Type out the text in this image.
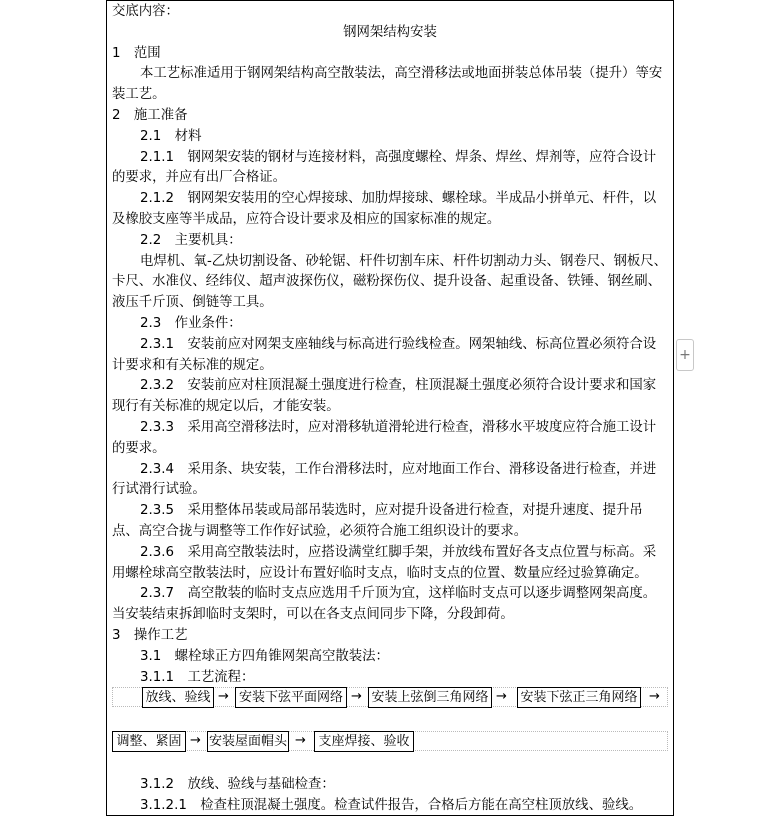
交底内容：
钢网架结构安装
1　范围
本工艺标准适用于钢网架结构高空散装法，高空滑移法或地面拼装总体吊装（提升）等安装工艺。
2　施工准备
2.1　材料
2.1.1　钢网架安装的钢材与连接材料，高强度螺栓、焊条、焊丝、焊剂等，应符合设计的要求，并应有出厂合格证。
2.1.2　钢网架安装用的空心焊接球、加肋焊接球、螺栓球。半成品小拼单元、杆件，以及橡胶支座等半成品，应符合设计要求及相应的国家标准的规定。
2.2　主要机具：
电焊机、氧-乙炔切割设备、砂轮锯、杆件切割车床、杆件切割动力头、钢卷尺、钢板尺、卡尺、水准仪、经纬仪、超声波探伤仪，磁粉探伤仪、提升设备、起重设备、铁锤、钢丝刷、液压千斤顶、倒链等工具。
2.3　作业条件：
2.3.1　安装前应对网架支座轴线与标高进行验线检查。网架轴线、标高位置必须符合设计要求和有关标准的规定。
2.3.2　安装前应对柱顶混凝土强度进行检查，柱顶混凝土强度必须符合设计要求和国家现行有关标准的规定以后，才能安装。
2.3.3　采用高空滑移法时，应对滑移轨道滑轮进行检查，滑移水平坡度应符合施工设计的要求。
2.3.4　采用条、块安装，工作台滑移法时，应对地面工作台、滑移设备进行检查，并进行试滑行试验。
2.3.5　采用整体吊装或局部吊装选时，应对提升设备进行检查，对提升速度、提升吊点、高空合拢与调整等工作作好试验，必须符合施工组织设计的要求。
2.3.6　采用高空散装法时，应搭设满堂红脚手架，并放线布置好各支点位置与标高。采用螺栓球高空散装法时，应设计布置好临时支点，临时支点的位置、数量应经过验算确定。
2.3.7　高空散装的临时支点应选用千斤顶为宜，这样临时支点可以逐步调整网架高度。当安装结束拆卸临时支架时，可以在各支点间同步下降，分段卸荷。
3　操作工艺
3.1　螺栓球正方四角锥网架高空散装法：
3.1.1　工艺流程：
放线、验线 → 安装下弦平面网络 → 安装上弦倒三角网络 → 安装下弦正三角网络 →
调整、紧固 → 安装屋面帽头 → 支座焊接、验收
3.1.2　放线、验线与基础检查：
3.1.2.1　检查柱顶混凝土强度。检查试件报告，合格后方能在高空柱顶放线、验线。
+
